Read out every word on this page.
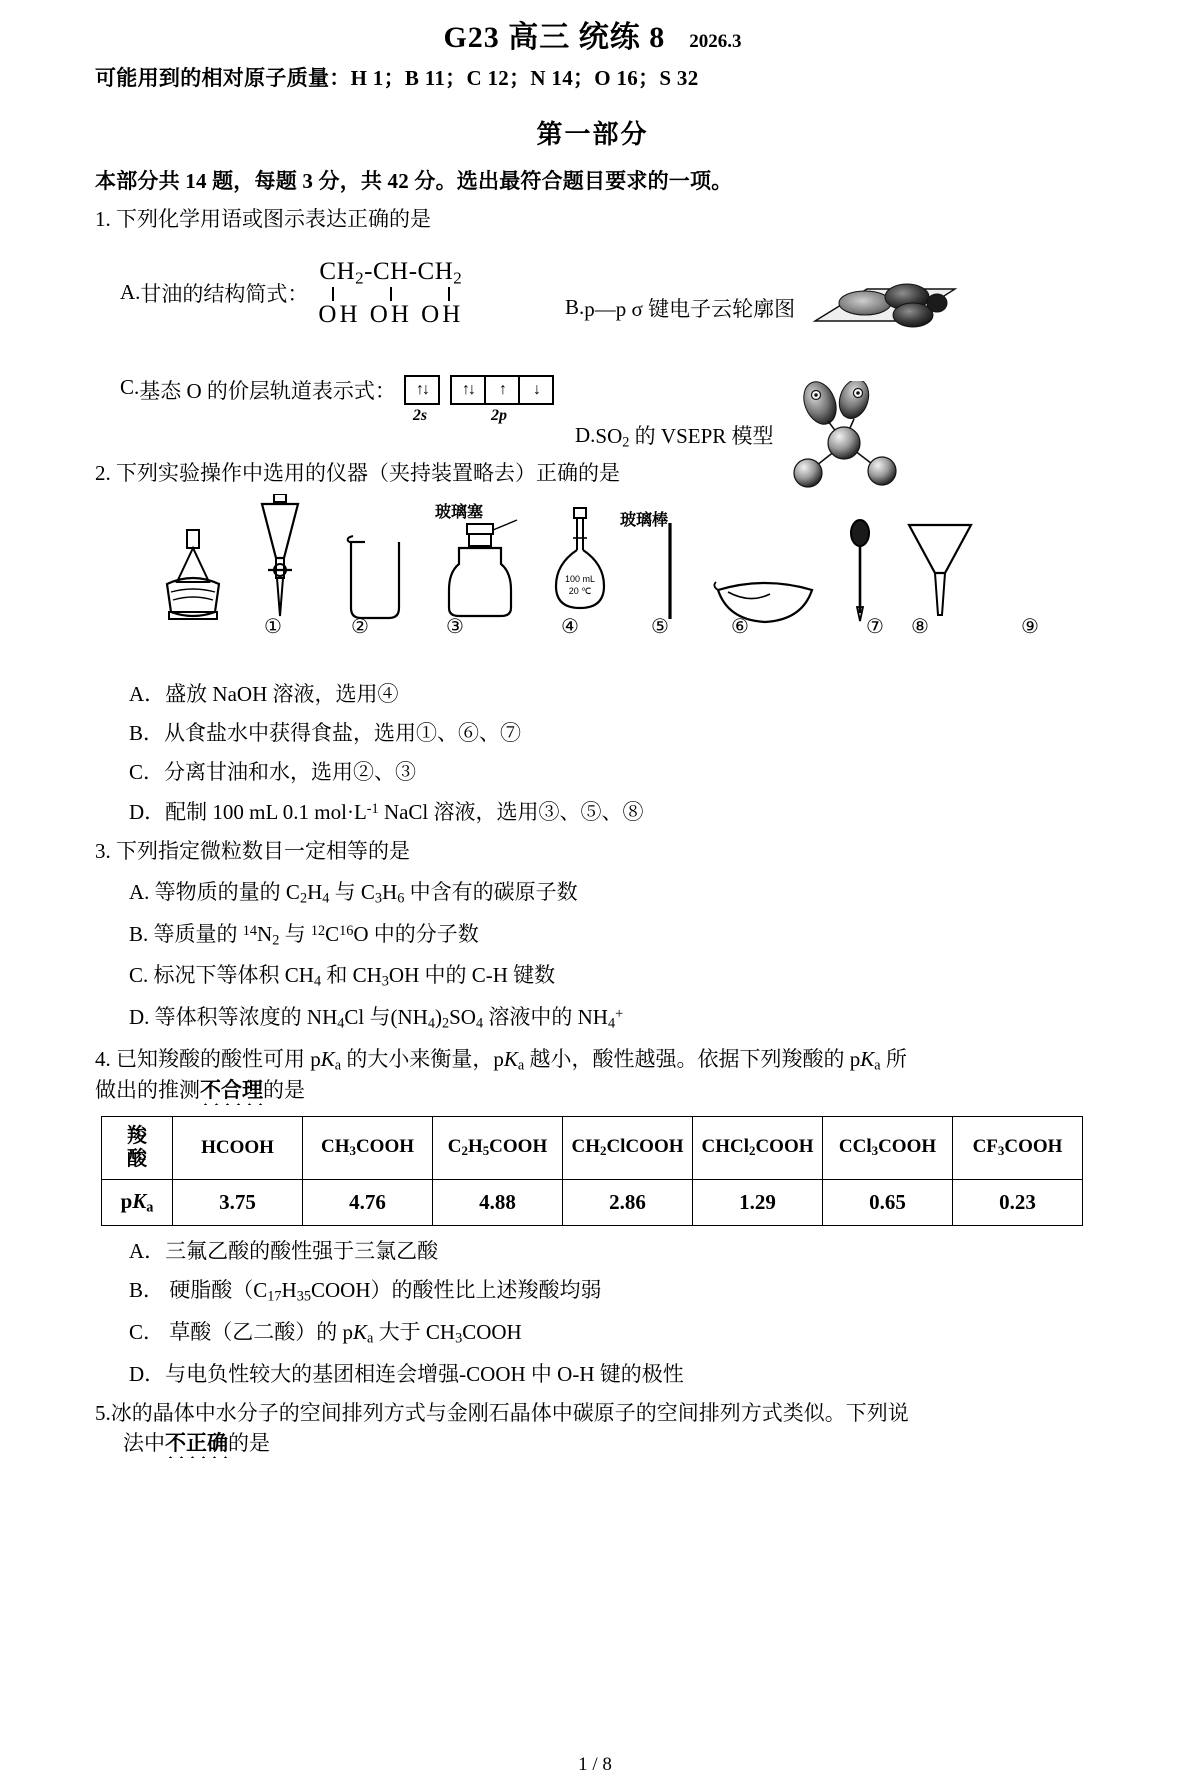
G23 高三 统练 8 2026.3
可能用到的相对原子质量：H 1；B 11；C 12；N 14；O 16；S 32
第一部分
本部分共 14 题，每题 3 分，共 42 分。选出最符合题目要求的一项。
1. 下列化学用语或图示表达正确的是
A. 甘油的结构简式：
$CH_2-CH-CH_2$
OH OH OH	B. p—p σ 键电子云轮廓图
C. 基态 O 的价层轨道表示式：	↑↓	↑↓	↑	↓
2s	2p
D. $SO_2$ 的 VSEPR 模型
2. 下列实验操作中选用的仪器（夹持装置略去）正确的是
玻璃塞	玻璃棒
①	②	③	④
100 mL
20 ℃
⑤	⑥	⑦	⑧	⑨
A．盛放 NaOH 溶液，选用④
B．从食盐水中获得食盐，选用①、⑥、⑦
C．分离甘油和水，选用②、③
D．配制 100 mL 0.1 $mol\cdot L^{-1}$ NaCl 溶液，选用③、⑤、⑧
3. 下列指定微粒数目一定相等的是
A. 等物质的量的 $C_2H_4$ 与 $C_3H_6$ 中含有的碳原子数
B. 等质量的 $^{14}N_2$ 与 $^{12}C^{16}O$ 中的分子数
C. 标况下等体积 $CH_4$ 和 $CH_3OH$ 中的 C-H 键数
D. 等体积等浓度的 $NH_4Cl$ 与$(NH_4)_2SO_4$ 溶液中的 $NH_4^+$
4. 已知羧酸的酸性可用 $pK_a$ 的大小来衡量，$pK_a$ 越小，酸性越强。依据下列羧酸的 $pK_a$ 所
做出的推测不合理的是
羧
酸	HCOOH	$CH_3COOH$	$C_2H_5COOH$	$CH_2ClCOOH$	CHCl$_2$COOH	CCl$_3$COOH	$CF_3COOH$
$pK_a$	3.75	4.76	4.88	2.86	1.29	0.65	0.23
A．三氟乙酸的酸性强于三氯乙酸
B． 硬脂酸$(C_{17}H_{35}COOH)$的酸性比上述羧酸均弱
C． 草酸（乙二酸）的 $pK_a$ 大于 $CH_3COOH$
D．与电负性较大的基团相连会增强-COOH 中 O-H 键的极性
5.冰的晶体中水分子的空间排列方式与金刚石晶体中碳原子的空间排列方式类似。下列说
法中不正确的是
1 / 8
